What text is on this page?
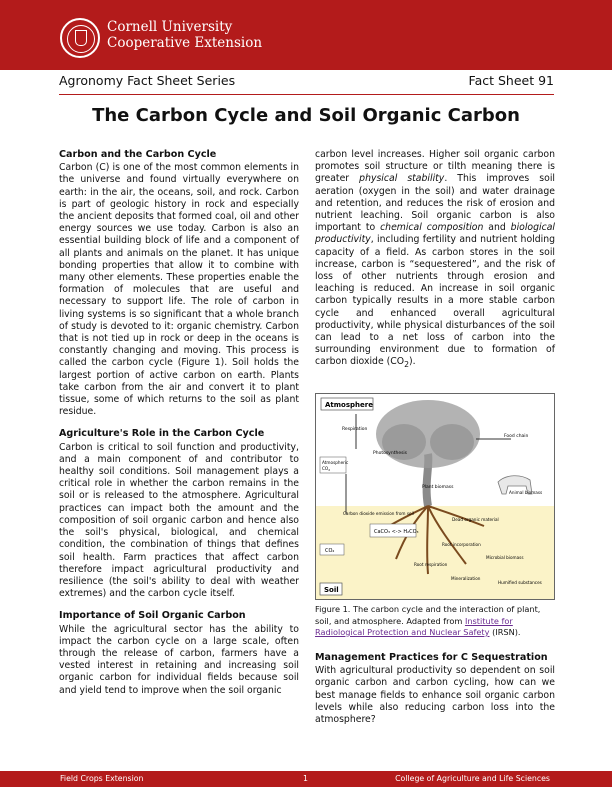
Cornell University
Cooperative Extension
Agronomy Fact Sheet Series	Fact Sheet 91
The Carbon Cycle and Soil Organic Carbon
Carbon and the Carbon Cycle

Carbon (C) is one of the most common elements in the universe and found virtually everywhere on earth: in the air, the oceans, soil, and rock. Carbon is part of geologic history in rock and especially the ancient deposits that formed coal, oil and other energy sources we use today. Carbon is also an essential building block of life and a component of all plants and animals on the planet. It has unique bonding properties that allow it to combine with many other elements. These properties enable the formation of molecules that are useful and necessary to support life. The role of carbon in living systems is so significant that a whole branch of study is devoted to it: organic chemistry. Carbon that is not tied up in rock or deep in the oceans is constantly changing and moving. This process is called the carbon cycle (Figure 1). Soil holds the largest portion of active carbon on earth. Plants take carbon from the air and convert it to plant tissue, some of which returns to the soil as plant residue.

Agriculture's Role in the Carbon Cycle

Carbon is critical to soil function and productivity, and a main component of and contributor to healthy soil conditions. Soil management plays a critical role in whether the carbon remains in the soil or is released to the atmosphere. Agricultural practices can impact both the amount and the composition of soil organic carbon and hence also the soil's physical, biological, and chemical condition, the combination of things that defines soil health. Farm practices that affect carbon therefore impact agricultural productivity and resilience (the soil's ability to deal with weather extremes) and the carbon cycle itself.

Importance of Soil Organic Carbon

While the agricultural sector has the ability to impact the carbon cycle on a large scale, often through the release of carbon, farmers have a vested interest in retaining and increasing soil organic carbon for individual fields because soil and yield tend to improve when the soil organic

carbon level increases. Higher soil organic carbon promotes soil structure or tilth meaning there is greater physical stability. This improves soil aeration (oxygen in the soil) and water drainage and retention, and reduces the risk of erosion and nutrient leaching. Soil organic carbon is also important to chemical composition and biological productivity, including fertility and nutrient holding capacity of a field. As carbon stores in the soil increase, carbon is “sequestered”, and the risk of loss of other nutrients through erosion and leaching is reduced. An increase in soil organic carbon typically results in a more stable carbon cycle and enhanced overall agricultural productivity, while physical disturbances of the soil can lead to a net loss of carbon into the surrounding environment due to formation of carbon dioxide $(CO_2)$.

Atmosphere
Respiration
Photosynthesis
Atmospheric
$CO_2$
Food chain
Plant biomass
Animal biomass
Carbon dioxide emission from soil
Dead organic material
CaCO₃ <-> H₂CO₃
Root incorporation
CO₂
Microbial biomass
Root respiration
Mineralization
Humified substances
Soil
Figure 1. The carbon cycle and the interaction of plant, soil, and atmosphere. Adapted from Institute for Radiological Protection and Nuclear Safety (IRSN).
Management Practices for C Sequestration

With agricultural productivity so dependent on soil organic carbon and carbon cycling, how can we best manage fields to enhance soil organic carbon levels while also reducing carbon loss into the atmosphere?

Field Crops Extension	1	College of Agriculture and Life Sciences
